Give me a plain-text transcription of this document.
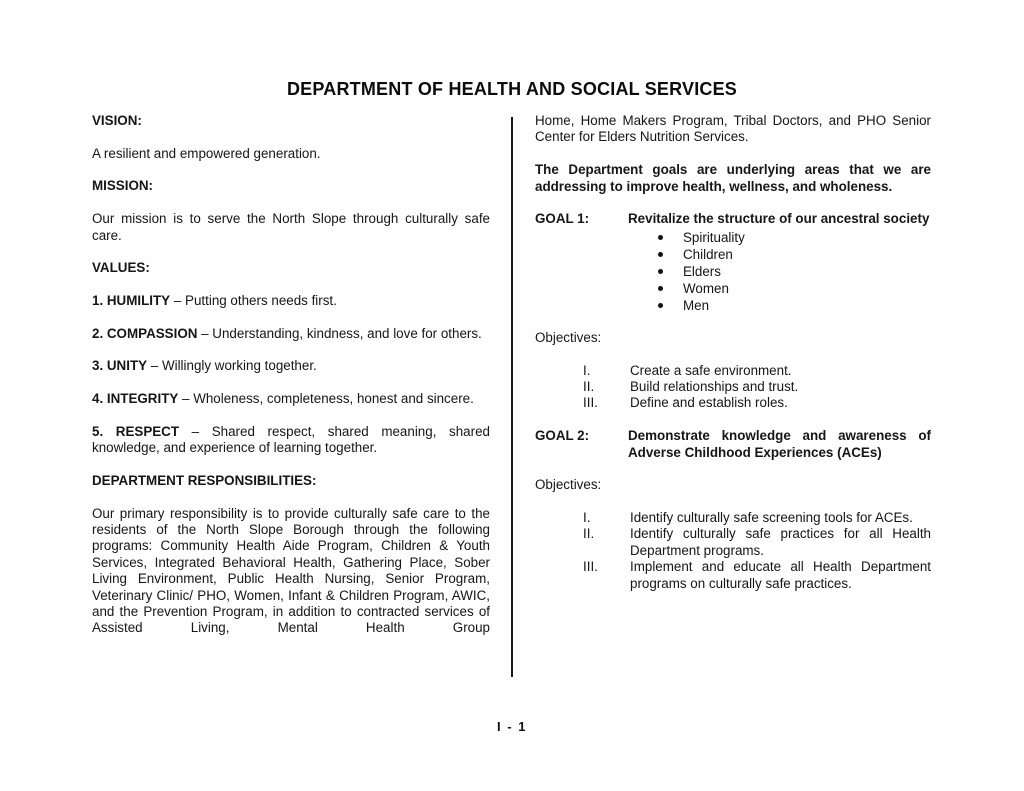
DEPARTMENT OF HEALTH AND SOCIAL SERVICES

VISION:

A resilient and empowered generation.

MISSION:

Our mission is to serve the North Slope through culturally safe care.

VALUES:

1. HUMILITY – Putting others needs first.

2. COMPASSION – Understanding, kindness, and love for others.

3. UNITY – Willingly working together.

4. INTEGRITY – Wholeness, completeness, honest and sincere.

5. RESPECT – Shared respect, shared meaning, shared knowledge, and experience of learning together.

DEPARTMENT RESPONSIBILITIES:

Our primary responsibility is to provide culturally safe care to the residents of the North Slope Borough through the following programs: Community Health Aide Program, Children & Youth Services, Integrated Behavioral Health, Gathering Place, Sober Living Environment, Public Health Nursing, Senior Program, Veterinary Clinic/ PHO, Women, Infant & Children Program, AWIC, and the Prevention Program, in addition to contracted services of Assisted Living, Mental Health Group

Home, Home Makers Program, Tribal Doctors, and PHO Senior Center for Elders Nutrition Services.

The Department goals are underlying areas that we are addressing to improve health, wellness, and wholeness.

GOAL 1:	Revitalize the structure of our ancestral society
Spirituality
Children
Elders
Women
Men

Objectives:

I.	Create a safe environment.
II.	Build relationships and trust.
III.	Define and establish roles.
GOAL 2:	Demonstrate knowledge and awareness of Adverse Childhood Experiences (ACEs)

Objectives:

I.	Identify culturally safe screening tools for ACEs.
II.	Identify culturally safe practices for all Health Department programs.
III.	Implement and educate all Health Department programs on culturally safe practices.
I - 1
